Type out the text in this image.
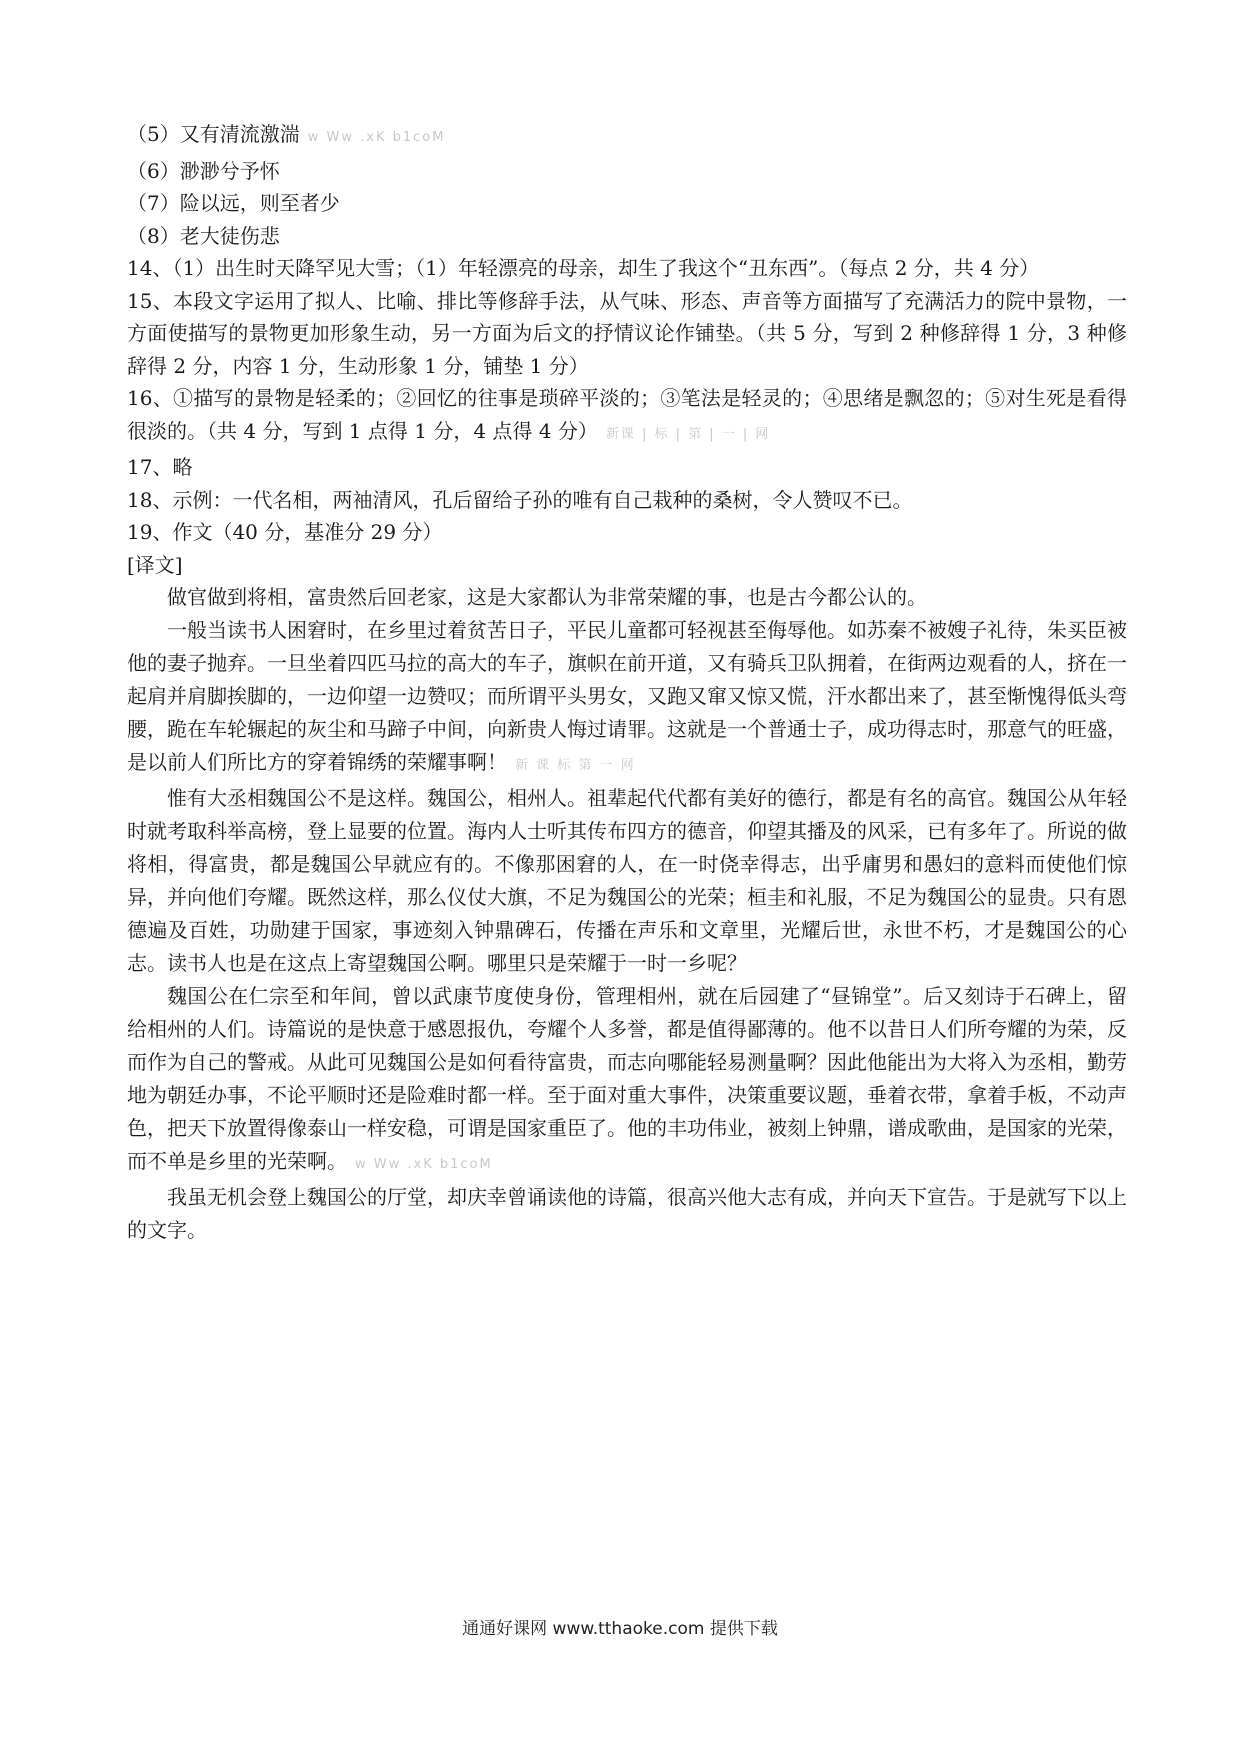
（5）又有清流激湍 w Ww .xK b1coM
（6）渺渺兮予怀
（7）险以远，则至者少
（8）老大徒伤悲

14、（1）出生时天降罕见大雪；（1）年轻漂亮的母亲，却生了我这个“丑东西”。（每点 2 分，共 4 分）

15、本段文字运用了拟人、比喻、排比等修辞手法，从气味、形态、声音等方面描写了充满活力的院中景物，一方面使描写的景物更加形象生动，另一方面为后文的抒情议论作铺垫。（共 5 分，写到 2 种修辞得 1 分，3 种修辞得 2 分，内容 1 分，生动形象 1 分，铺垫 1 分）

16、①描写的景物是轻柔的；②回忆的往事是琐碎平淡的；③笔法是轻灵的；④思绪是飘忽的；⑤对生死是看得很淡的。（共 4 分，写到 1 点得 1 分，4 点得 4 分） 新课 | 标 | 第 | 一 | 网

17、略

18、示例：一代名相，两袖清风，孔后留给子孙的唯有自己栽种的桑树，令人赞叹不已。

19、作文（40 分，基准分 29 分）

[译文]

做官做到将相，富贵然后回老家，这是大家都认为非常荣耀的事，也是古今都公认的。

一般当读书人困窘时，在乡里过着贫苦日子，平民儿童都可轻视甚至侮辱他。如苏秦不被嫂子礼待，朱买臣被他的妻子抛弃。一旦坐着四匹马拉的高大的车子，旗帜在前开道，又有骑兵卫队拥着，在街两边观看的人，挤在一起肩并肩脚挨脚的，一边仰望一边赞叹；而所谓平头男女，又跑又窜又惊又慌，汗水都出来了，甚至惭愧得低头弯腰，跪在车轮辗起的灰尘和马蹄子中间，向新贵人悔过请罪。这就是一个普通士子，成功得志时，那意气的旺盛，是以前人们所比方的穿着锦绣的荣耀事啊！ 新 课 标 第 一 网

惟有大丞相魏国公不是这样。魏国公，相州人。祖辈起代代都有美好的德行，都是有名的高官。魏国公从年轻时就考取科举高榜，登上显要的位置。海内人士听其传布四方的德音，仰望其播及的风采，已有多年了。所说的做将相，得富贵，都是魏国公早就应有的。不像那困窘的人，在一时侥幸得志，出乎庸男和愚妇的意料而使他们惊异，并向他们夸耀。既然这样，那么仪仗大旗，不足为魏国公的光荣；桓圭和礼服，不足为魏国公的显贵。只有恩德遍及百姓，功勋建于国家，事迹刻入钟鼎碑石，传播在声乐和文章里，光耀后世，永世不朽，才是魏国公的心志。读书人也是在这点上寄望魏国公啊。哪里只是荣耀于一时一乡呢？

魏国公在仁宗至和年间，曾以武康节度使身份，管理相州，就在后园建了“昼锦堂”。后又刻诗于石碑上，留给相州的人们。诗篇说的是快意于感恩报仇，夸耀个人多誉，都是值得鄙薄的。他不以昔日人们所夸耀的为荣，反而作为自己的警戒。从此可见魏国公是如何看待富贵，而志向哪能轻易测量啊？因此他能出为大将入为丞相，勤劳地为朝廷办事，不论平顺时还是险难时都一样。至于面对重大事件，决策重要议题，垂着衣带，拿着手板，不动声色，把天下放置得像泰山一样安稳，可谓是国家重臣了。他的丰功伟业，被刻上钟鼎，谱成歌曲，是国家的光荣，而不单是乡里的光荣啊。 w Ww .xK b1coM

我虽无机会登上魏国公的厅堂，却庆幸曾诵读他的诗篇，很高兴他大志有成，并向天下宣告。于是就写下以上的文字。

通通好课网 www.tthaoke.com 提供下载
